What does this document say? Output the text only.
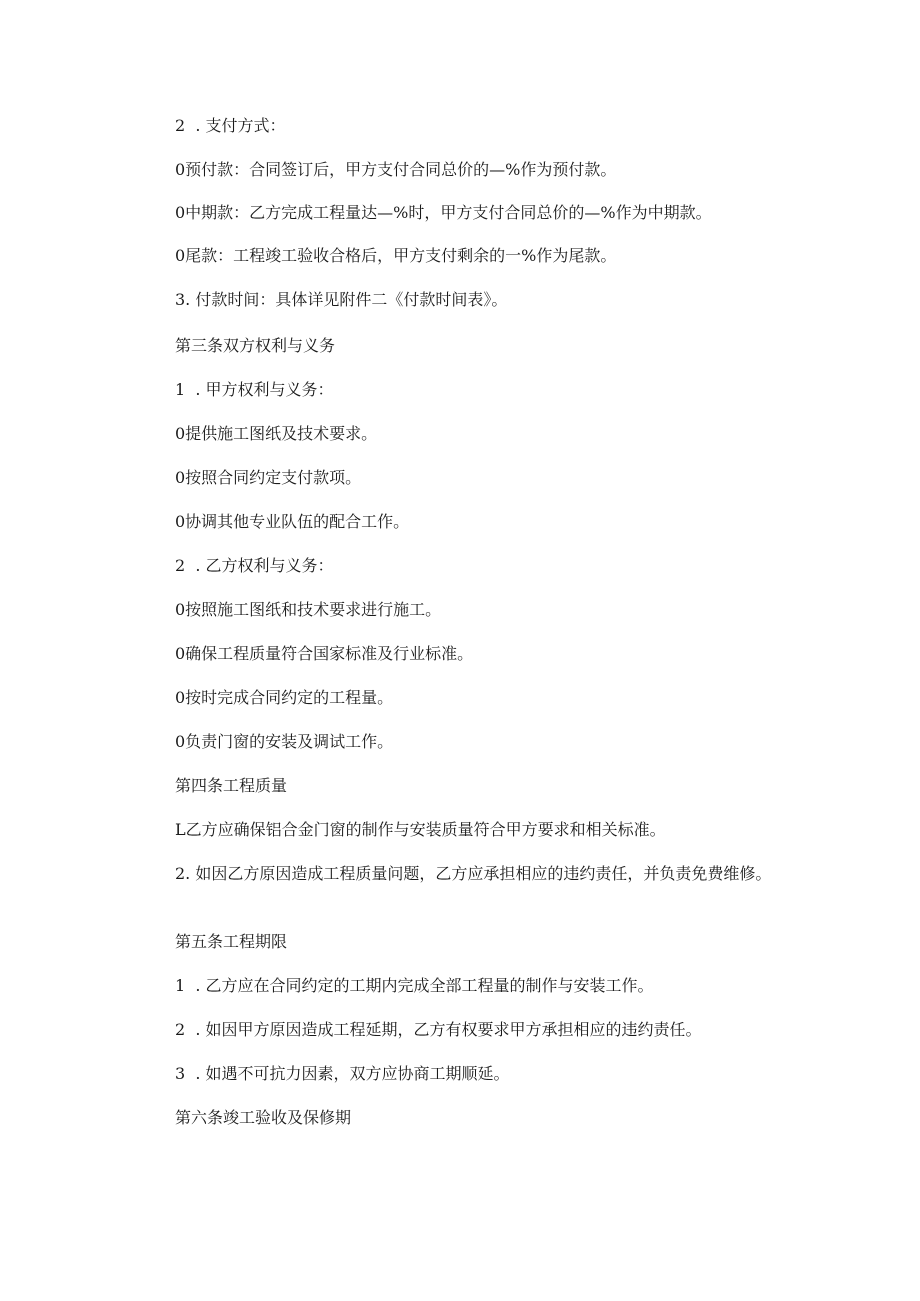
2  . 支付方式：
0预付款：合同签订后，甲方支付合同总价的—%作为预付款。
0中期款：乙方完成工程量达—%时，甲方支付合同总价的—%作为中期款。
0尾款：工程竣工验收合格后，甲方支付剩余的一%作为尾款。
3. 付款时间：具体详见附件二《付款时间表》。
第三条双方权利与义务
1  . 甲方权利与义务：
0提供施工图纸及技术要求。
0按照合同约定支付款项。
0协调其他专业队伍的配合工作。
2  . 乙方权利与义务：
0按照施工图纸和技术要求进行施工。
0确保工程质量符合国家标准及行业标准。
0按时完成合同约定的工程量。
0负责门窗的安装及调试工作。
第四条工程质量
L乙方应确保铝合金门窗的制作与安装质量符合甲方要求和相关标准。
2. 如因乙方原因造成工程质量问题，乙方应承担相应的违约责任，并负责免费维修。
第五条工程期限
1  . 乙方应在合同约定的工期内完成全部工程量的制作与安装工作。
2  . 如因甲方原因造成工程延期，乙方有权要求甲方承担相应的违约责任。
3  . 如遇不可抗力因素，双方应协商工期顺延。
第六条竣工验收及保修期
